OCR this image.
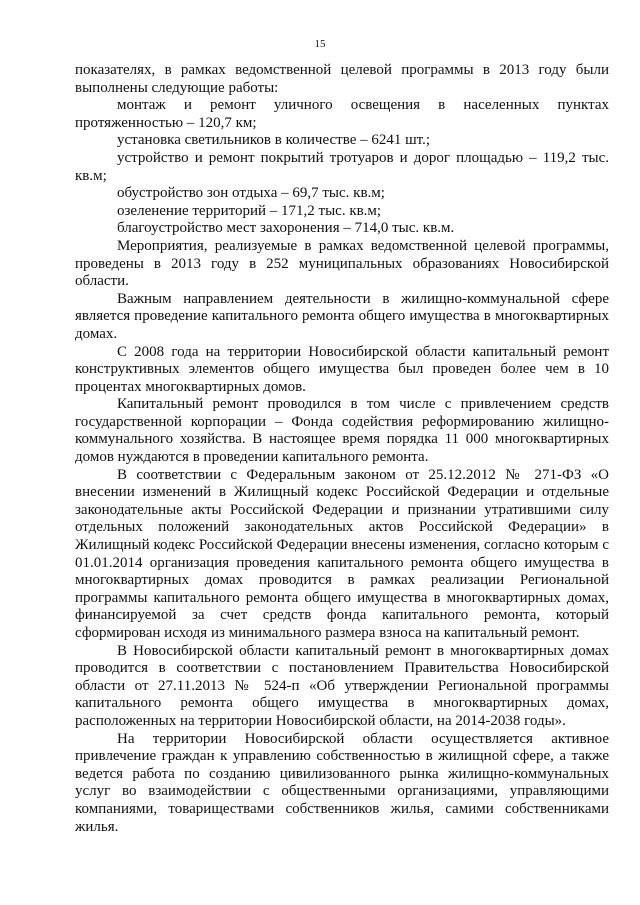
15

показателях, в рамках ведомственной целевой программы в 2013 году были выполнены следующие работы:

монтаж и ремонт уличного освещения в населенных пунктах протяженностью – 120,7 км;

установка светильников в количестве – 6241 шт.;

устройство и ремонт покрытий тротуаров и дорог площадью – 119,2 тыс. кв.м;

обустройство зон отдыха – 69,7 тыс. кв.м;

озеленение территорий – 171,2 тыс. кв.м;

благоустройство мест захоронения – 714,0 тыс. кв.м.

Мероприятия, реализуемые в рамках ведомственной целевой программы, проведены в 2013 году в 252 муниципальных образованиях Новосибирской области.

Важным направлением деятельности в жилищно-коммунальной сфере является проведение капитального ремонта общего имущества в многоквартирных домах.

С 2008 года на территории Новосибирской области капитальный ремонт конструктивных элементов общего имущества был проведен более чем в 10 процентах многоквартирных домов.

Капитальный ремонт проводился в том числе с привлечением средств государственной корпорации – Фонда содействия реформированию жилищно-коммунального хозяйства. В настоящее время порядка 11 000 многоквартирных домов нуждаются в проведении капитального ремонта.

В соответствии с Федеральным законом от 25.12.2012 № 271-ФЗ «О внесении изменений в Жилищный кодекс Российской Федерации и отдельные законодательные акты Российской Федерации и признании утратившими силу отдельных положений законодательных актов Российской Федерации» в Жилищный кодекс Российской Федерации внесены изменения, согласно которым с 01.01.2014 организация проведения капитального ремонта общего имущества в многоквартирных домах проводится в рамках реализации Региональной программы капитального ремонта общего имущества в многоквартирных домах, финансируемой за счет средств фонда капитального ремонта, который сформирован исходя из минимального размера взноса на капитальный ремонт.

В Новосибирской области капитальный ремонт в многоквартирных домах проводится в соответствии с постановлением Правительства Новосибирской области от 27.11.2013 № 524-п «Об утверждении Региональной программы капитального ремонта общего имущества в многоквартирных домах, расположенных на территории Новосибирской области, на 2014-2038 годы».

На территории Новосибирской области осуществляется активное привлечение граждан к управлению собственностью в жилищной сфере, а также ведется работа по созданию цивилизованного рынка жилищно-коммунальных услуг во взаимодействии с общественными организациями, управляющими компаниями, товариществами собственников жилья, самими собственниками жилья.
